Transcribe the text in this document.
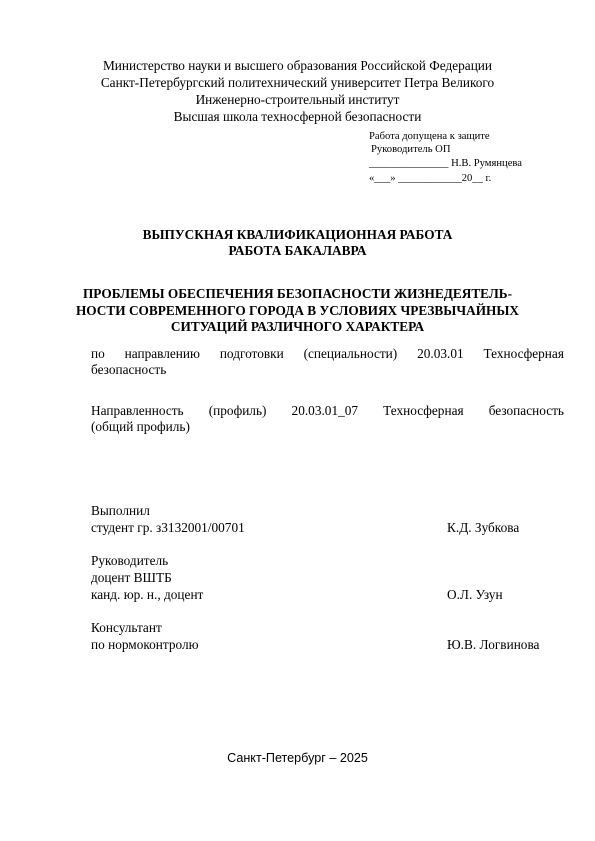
Министерство науки и высшего образования Российской Федерации
Санкт-Петербургский политехнический университет Петра Великого
Инженерно-строительный институт
Высшая школа техносферной безопасности
Работа допущена к защите
Руководитель ОП
_______________ Н.В. Румянцева
«___» ____________20__ г.
ВЫПУСКНАЯ КВАЛИФИКАЦИОННАЯ РАБОТА
РАБОТА БАКАЛАВРА
ПРОБЛЕМЫ ОБЕСПЕЧЕНИЯ БЕЗОПАСНОСТИ ЖИЗНЕДЕЯТЕЛЬ-
НОСТИ СОВРЕМЕННОГО ГОРОДА В УСЛОВИЯХ ЧРЕЗВЫЧАЙНЫХ
СИТУАЦИЙ РАЗЛИЧНОГО ХАРАКТЕРА
по направлению подготовки (специальности) 20.03.01 Техносферная
безопасность
Направленность (профиль) 20.03.01_07 Техносферная безопасность
(общий профиль)
Выполнил
студент гр. з3132001/00701	К.Д. Зубкова
Руководитель
доцент ВШТБ
канд. юр. н., доцент	О.Л. Узун
Консультант
по нормоконтролю	Ю.В. Логвинова
Санкт-Петербург – 2025
